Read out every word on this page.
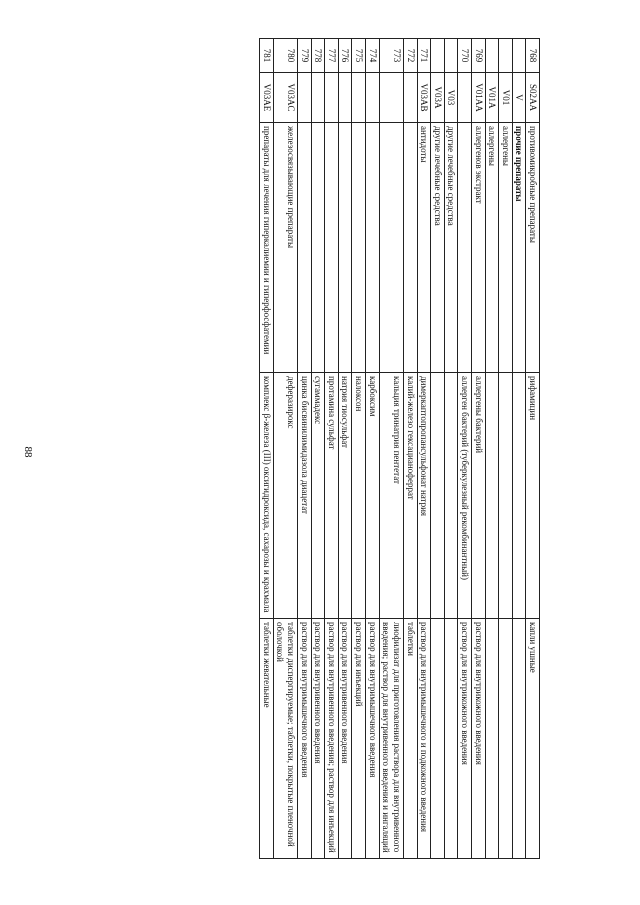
88
768	S02AA	противомикробные препараты	рифамицин	капли ушные
	V	прочие препараты		
	V01	аллергены		
	V01A	аллергены		
769	V01AA	аллергенов экстракт	аллергены бактерий	раствор для внутрикожного введения
770			аллерген бактерий (туберкулезный рекомбинантный)	раствор для внутрикожного введения
	V03	другие лечебные средства		
	V03A	другие лечебные средства		
771	V03AB	антидоты	димеркаптопропансульфонат натрия	раствор для внутримышечного и подкожного введения
772			калий-железо гексацианоферрат	таблетки
773			кальция тринатрия пентетат	лиофилизат для приготовления раствора для внутривенного введения; раствор для внутривенного введения и ингаляций
774			карбоксим	раствор для внутримышечного введения
775			налоксон	раствор для инъекций
776			натрия тиосульфат	раствор для внутривенного введения
777			протамина сульфат	раствор для внутривенного введения; раствор для инъекций
778			сугаммадекс	раствор для внутривенного введения
779			цинка бисвинилимидазола диацетат	раствор для внутримышечного введения
780	V03AC	железосвязывающие препараты	деферазирокс	таблетки диспергируемые; таблетки, покрытые пленочной оболочкой
781	V03AE	препараты для лечения гиперкалиемии и гиперфосфатемии	комплекс β-железа (III) оксигидроксида, сахарозы и крахмала	таблетки жевательные
